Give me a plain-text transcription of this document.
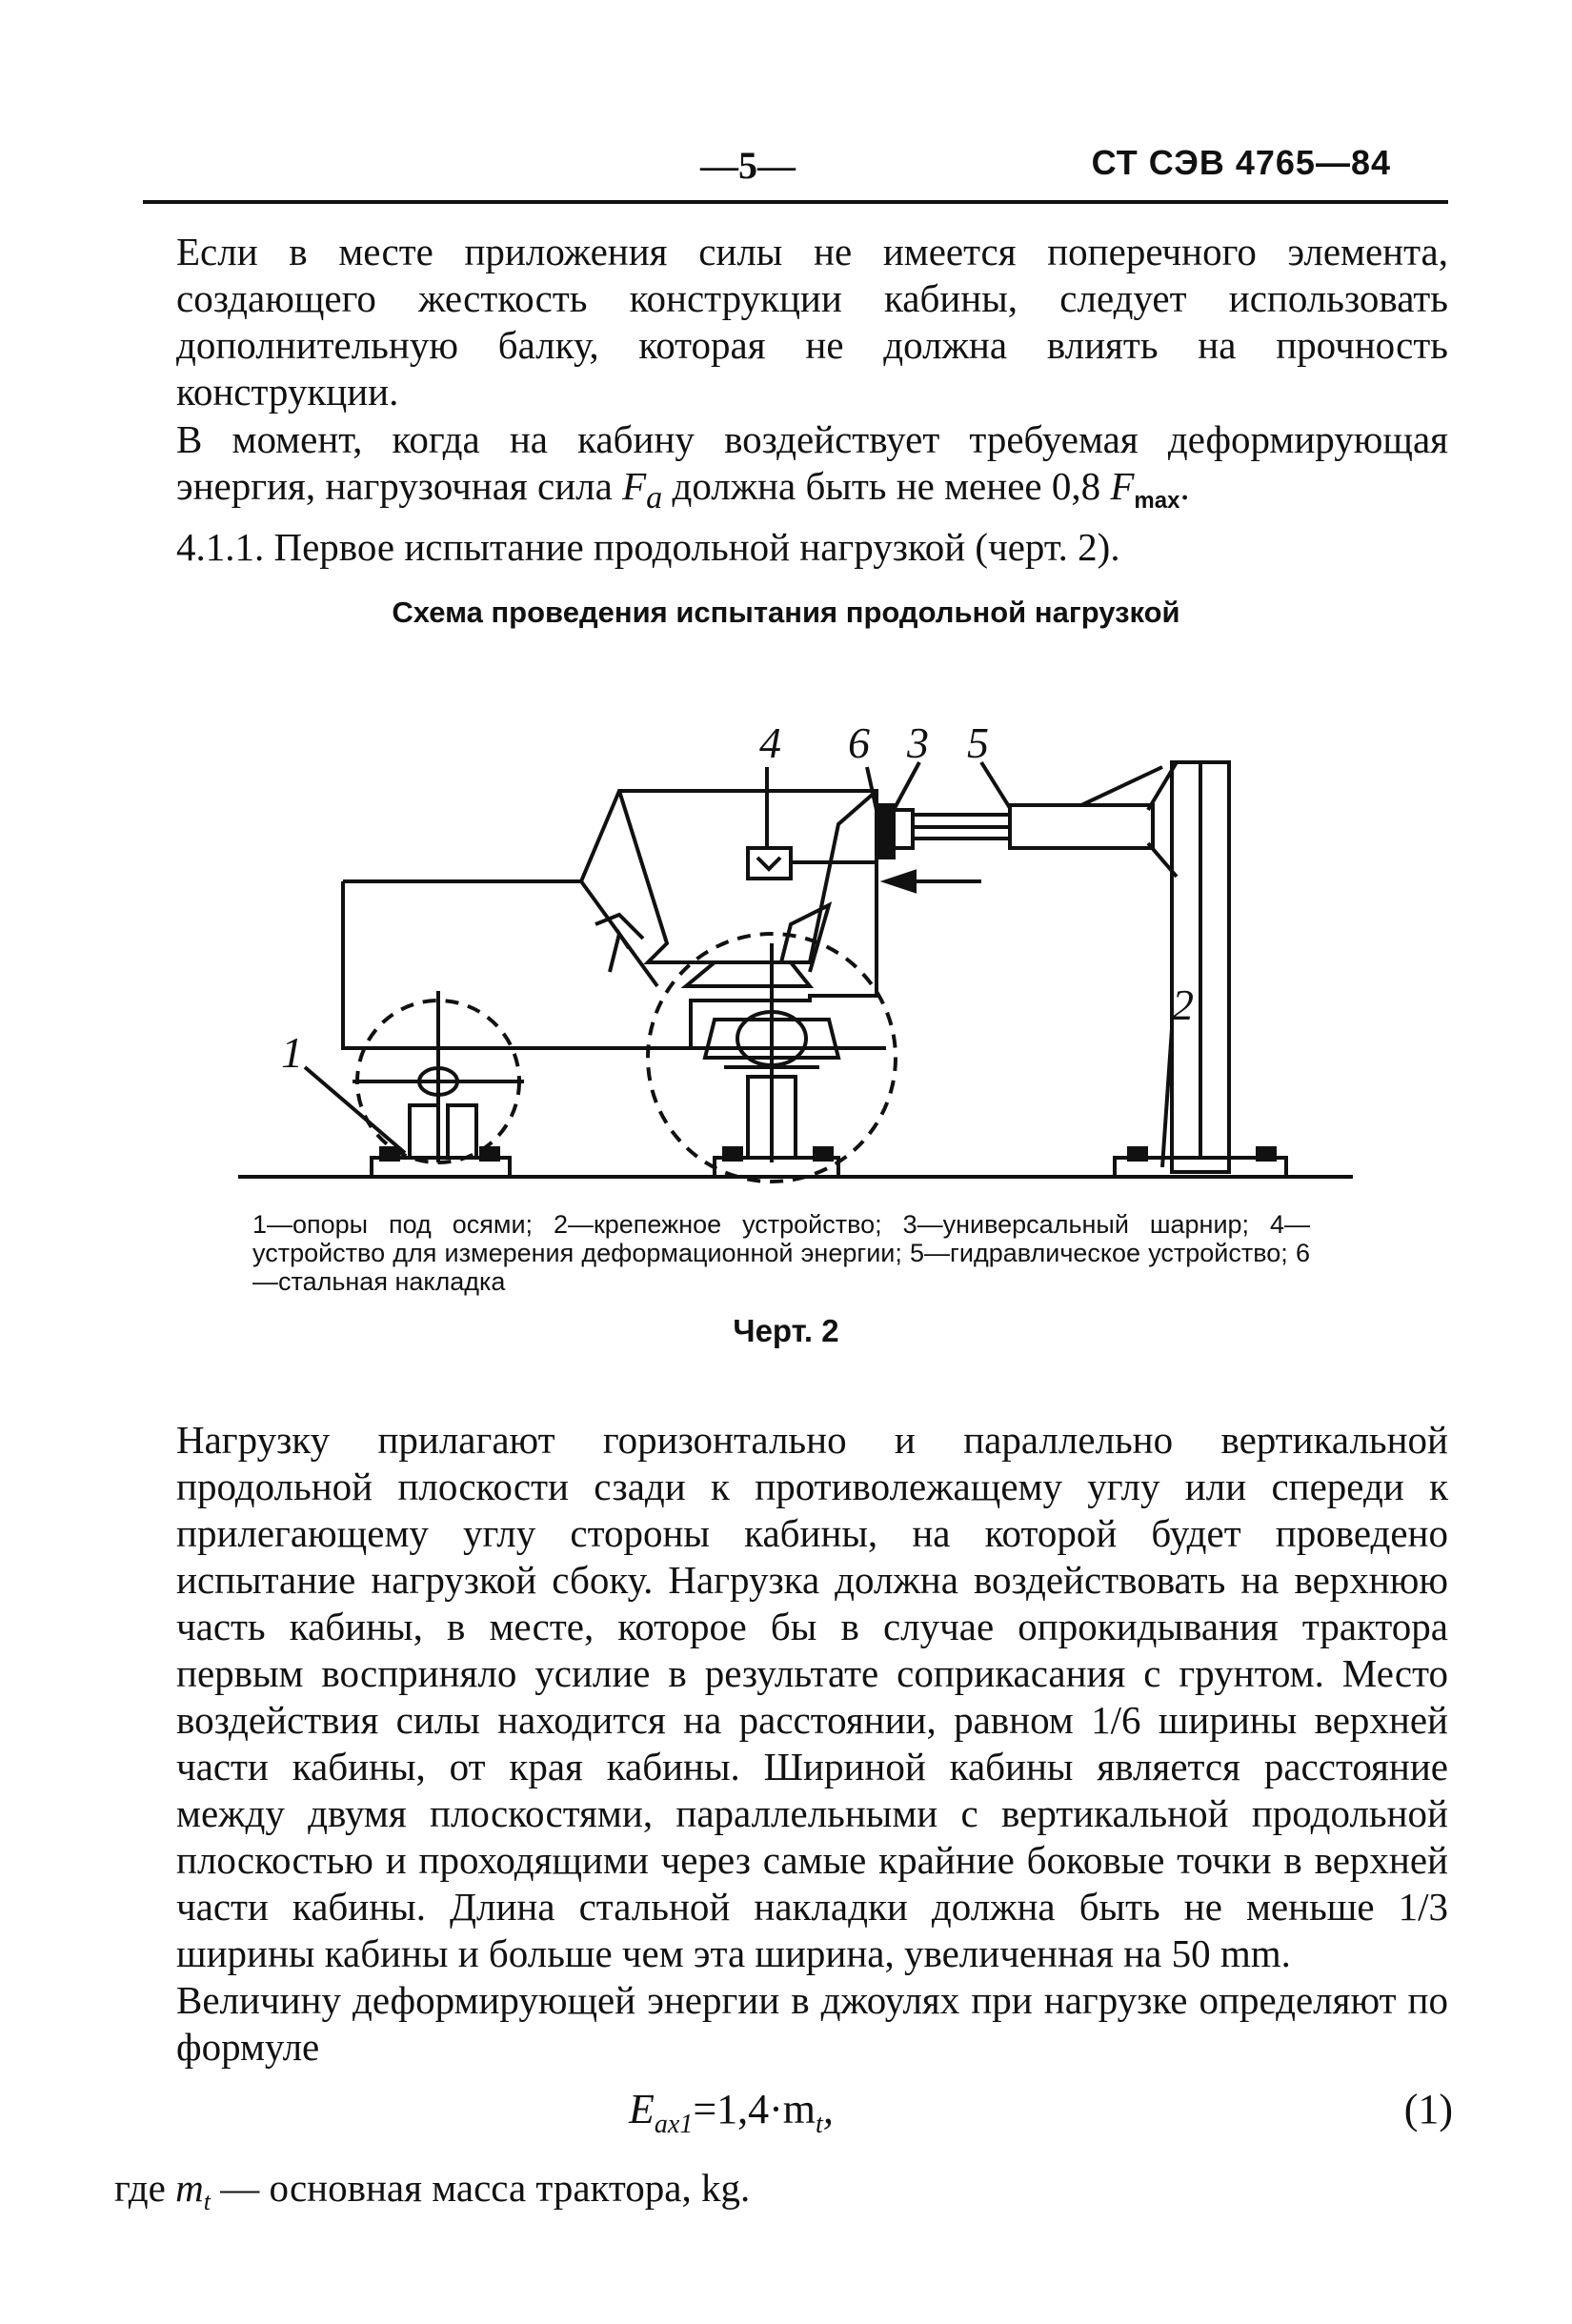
—5—	СТ СЭВ 4765—84

Если в месте приложения силы не имеется поперечного элемента, создающего жесткость конструкции кабины, следует использовать дополнительную балку, которая не должна влиять на прочность конструкции.

В момент, когда на кабину воздействует требуемая деформирующая энергия, нагрузочная сила $F_a$ должна быть не менее 0,8 $F_{max}$.

4.1.1. Первое испытание продольной нагрузкой (черт. 2).

Схема проведения испытания продольной нагрузкой
4 6 3 5
2
1
1—опоры под осями; 2—крепежное устройство; 3—универсальный шарнир; 4—устройство для измерения деформационной энергии; 5—гидравлическое устройство; 6—стальная накладка
Черт. 2
Нагрузку прилагают горизонтально и параллельно вертикальной продольной плоскости сзади к противолежащему углу или спереди к прилегающему углу стороны кабины, на которой будет проведено испытание нагрузкой сбоку. Нагрузка должна воздействовать на верхнюю часть кабины, в месте, которое бы в случае опрокидывания трактора первым восприняло усилие в результате соприкасания с грунтом. Место воздействия силы находится на расстоянии, равном 1/6 ширины верхней части кабины, от края кабины. Шириной кабины является расстояние между двумя плоскостями, параллельными с вертикальной продольной плоскостью и проходящими через самые крайние боковые точки в верхней части кабины. Длина стальной накладки должна быть не меньше 1/3 ширины кабины и больше чем эта ширина, увеличенная на 50 mm.
Величину деформирующей энергии в джоулях при нагрузке определяют по формуле
$E_{ax1}=1,4\cdot m_t$,	(1)
где $m_t$ — основная масса трактора, kg.
